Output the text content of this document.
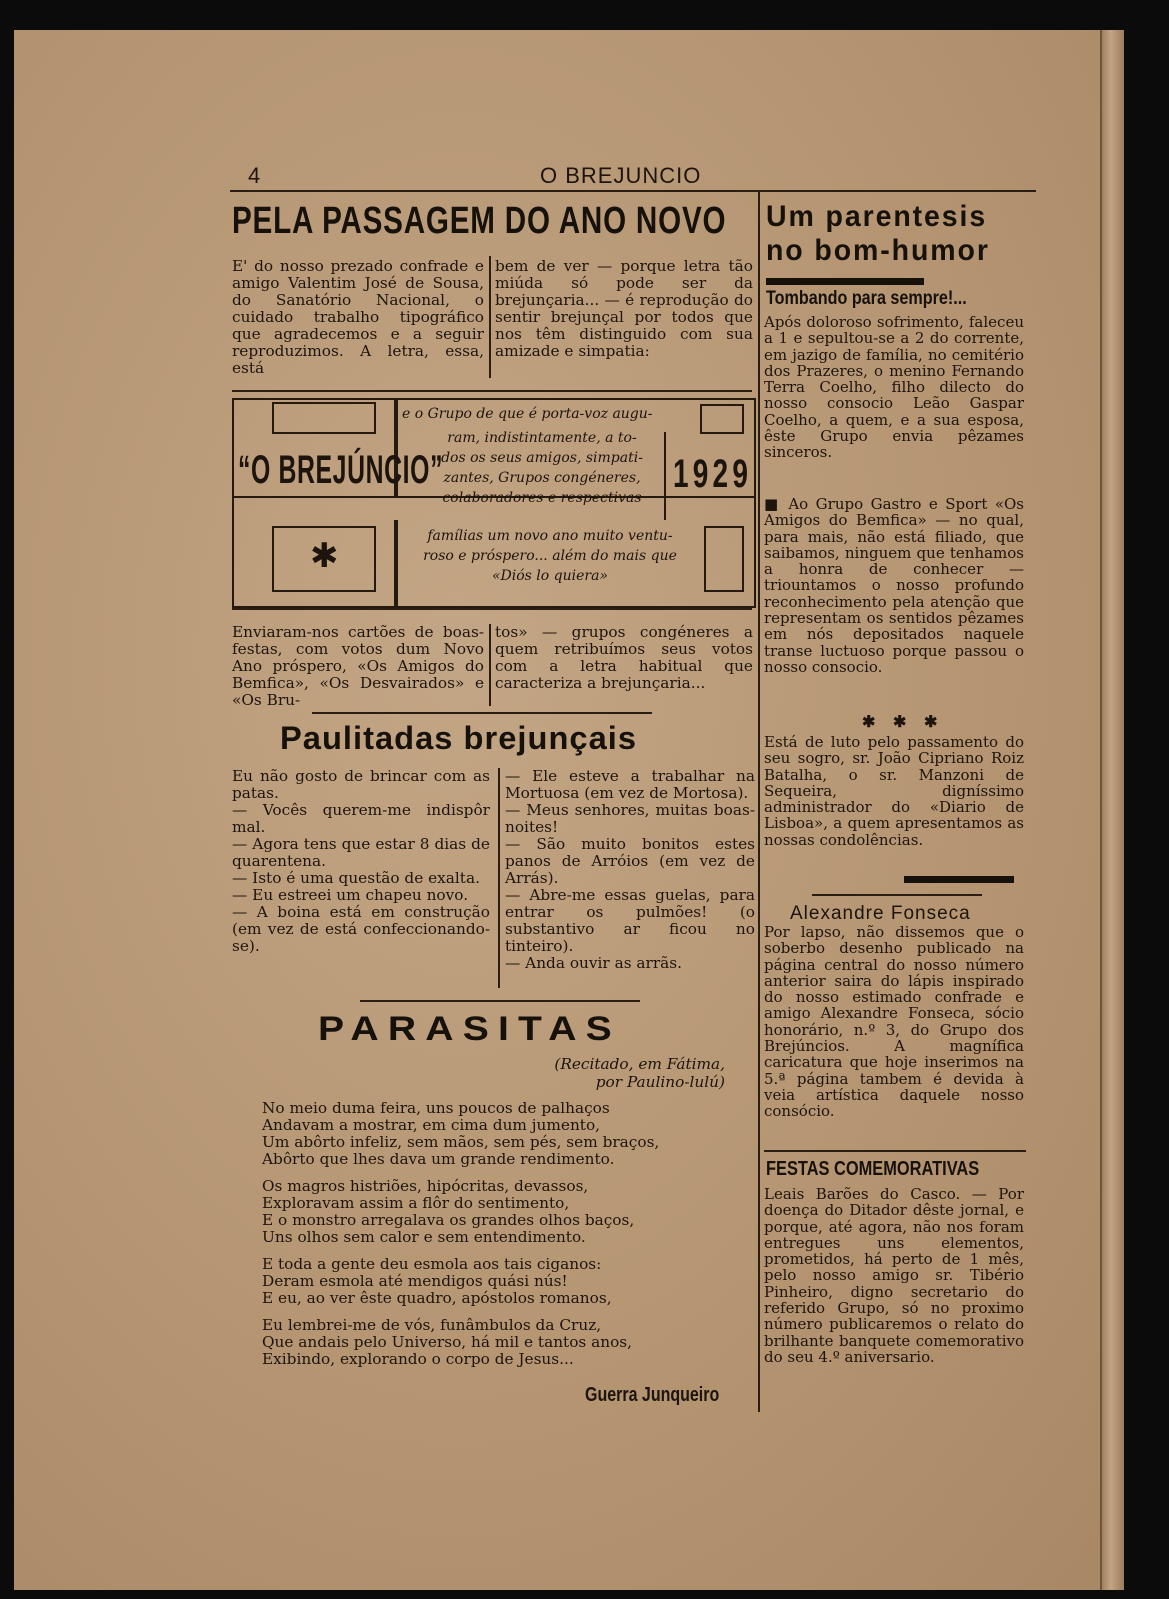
4	O BREJUNCIO
PELA PASSAGEM DO ANO NOVO
E' do nosso prezado confrade e amigo Valentim José de Sousa, do Sanatório Nacional, o cuidado trabalho tipográfico que agradecemos e a seguir reproduzimos. A letra, essa, está
bem de ver — porque letra tão miúda só pode ser da brejunçaria... — é reprodução do sentir brejunçal por todos que nos têm distinguido com sua amizade e simpatia:
“O BREJÚNCIO”	1929
✱
e o Grupo de que é porta-voz augu-
ram, indistintamente, a to-
dos os seus amigos, simpati-
zantes, Grupos congéneres,
colaboradores e respectivas
famílias um novo ano muito ventu-
roso e próspero... além do mais que
«Diós lo quiera»
Enviaram-nos cartões de boas-festas, com votos dum Novo Ano próspero, «Os Amigos do Bemfica», «Os Desvairados» e «Os Bru-
tos» — grupos congéneres a quem retribuímos seus votos com a letra habitual que caracteriza a brejunçaria...
Paulitadas brejunçais
Eu não gosto de brincar com as patas.
— Vocês querem-me indispôr mal.
— Agora tens que estar 8 dias de quarentena.
— Isto é uma questão de exalta.
— Eu estreei um chapeu novo.
— A boina está em construção (em vez de está confeccionando-se).
— Ele esteve a trabalhar na Mortuosa (em vez de Mortosa).
— Meus senhores, muitas boas-noites!
— São muito bonitos estes panos de Arróios (em vez de Arrás).
— Abre-me essas guelas, para entrar os pulmões! (o substantivo ar ficou no tinteiro).
— Anda ouvir as arrãs.
PARASITAS
(Recitado, em Fátima,
por Paulino-lulú)
No meio duma feira, uns poucos de palhaços
Andavam a mostrar, em cima dum jumento,
Um abôrto infeliz, sem mãos, sem pés, sem braços,
Abôrto que lhes dava um grande rendimento.
Os magros histriões, hipócritas, devassos,
Exploravam assim a flôr do sentimento,
E o monstro arregalava os grandes olhos baços,
Uns olhos sem calor e sem entendimento.
E toda a gente deu esmola aos tais ciganos:
Deram esmola até mendigos quási nús!
E eu, ao ver êste quadro, apóstolos romanos,
Eu lembrei-me de vós, funâmbulos da Cruz,
Que andais pelo Universo, há mil e tantos anos,
Exibindo, explorando o corpo de Jesus...
Guerra Junqueiro
Um parentesis
no bom-humor
Tombando para sempre!...
Após doloroso sofrimento, faleceu a 1 e sepultou-se a 2 do corrente, em jazigo de família, no cemitério dos Prazeres, o menino Fernando Terra Coelho, filho dilecto do nosso consocio Leão Gaspar Coelho, a quem, e a sua esposa, êste Grupo envia pêzames sinceros.
■ Ao Grupo Gastro e Sport «Os Amigos do Bemfica» — no qual, para mais, não está filiado, que saibamos, ninguem que tenhamos a honra de conhecer — triountamos o nosso profundo reconhecimento pela atenção que representam os sentidos pêzames em nós depositados naquele transe luctuoso porque passou o nosso consocio.
✱ ✱ ✱
Está de luto pelo passamento do seu sogro, sr. João Cipriano Roiz Batalha, o sr. Manzoni de Sequeira, digníssimo administrador do «Diario de Lisboa», a quem apresentamos as nossas condolências.
Alexandre Fonseca
Por lapso, não dissemos que o soberbo desenho publicado na página central do nosso número anterior saira do lápis inspirado do nosso estimado confrade e amigo Alexandre Fonseca, sócio honorário, n.º 3, do Grupo dos Brejúncios. A magnífica caricatura que hoje inserimos na 5.ª página tambem é devida à veia artística daquele nosso consócio.
FESTAS COMEMORATIVAS
Leais Barões do Casco. — Por doença do Ditador dêste jornal, e porque, até agora, não nos foram entregues uns elementos, prometidos, há perto de 1 mês, pelo nosso amigo sr. Tibério Pinheiro, digno secretario do referido Grupo, só no proximo número publicaremos o relato do brilhante banquete comemorativo do seu 4.º aniversario.
